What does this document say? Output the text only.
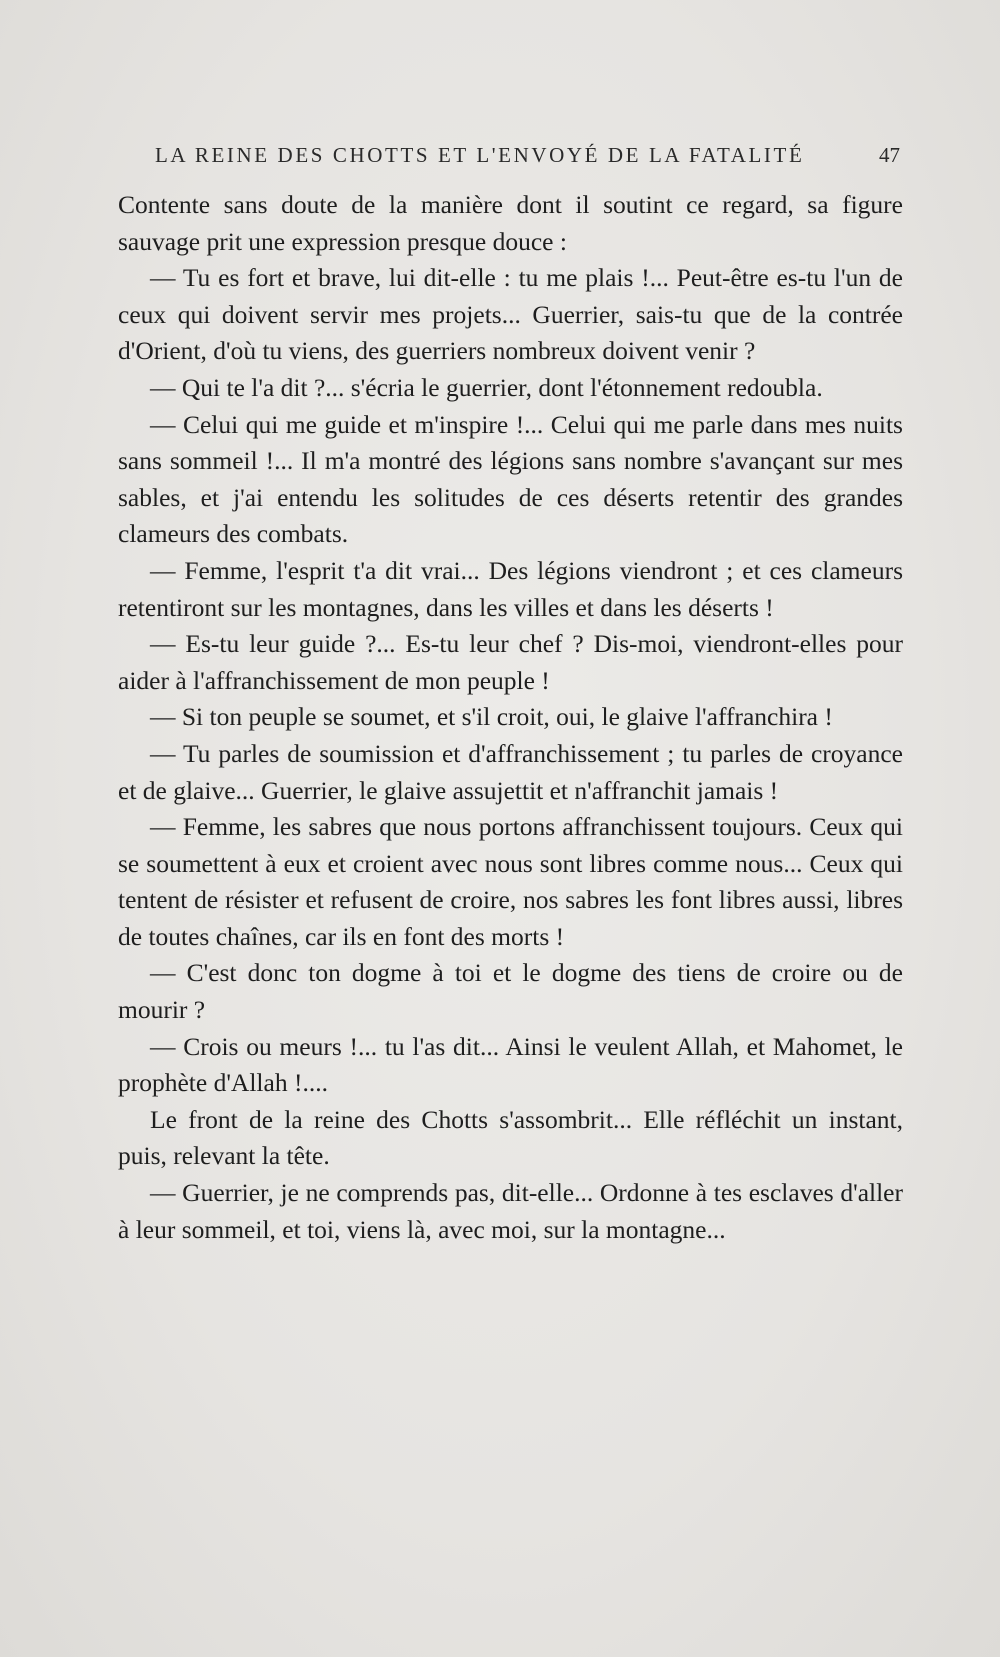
LA REINE DES CHOTTS ET L'ENVOYÉ DE LA FATALITÉ	47

Contente sans doute de la manière dont il soutint ce regard, sa figure sauvage prit une expression presque douce :

— Tu es fort et brave, lui dit-elle : tu me plais !... Peut-être es-tu l'un de ceux qui doivent servir mes projets... Guerrier, sais-tu que de la contrée d'Orient, d'où tu viens, des guerriers nombreux doivent venir ?

— Qui te l'a dit ?... s'écria le guerrier, dont l'étonnement redoubla.

— Celui qui me guide et m'inspire !... Celui qui me parle dans mes nuits sans sommeil !... Il m'a montré des légions sans nombre s'avançant sur mes sables, et j'ai entendu les solitudes de ces déserts retentir des grandes clameurs des combats.

— Femme, l'esprit t'a dit vrai... Des légions viendront ; et ces clameurs retentiront sur les montagnes, dans les villes et dans les déserts !

— Es-tu leur guide ?... Es-tu leur chef ? Dis-moi, viendront-elles pour aider à l'affranchissement de mon peuple !

— Si ton peuple se soumet, et s'il croit, oui, le glaive l'affranchira !

— Tu parles de soumission et d'affranchissement ; tu parles de croyance et de glaive... Guerrier, le glaive assujettit et n'affranchit jamais !

— Femme, les sabres que nous portons affranchissent toujours. Ceux qui se soumettent à eux et croient avec nous sont libres comme nous... Ceux qui tentent de résister et refusent de croire, nos sabres les font libres aussi, libres de toutes chaînes, car ils en font des morts !

— C'est donc ton dogme à toi et le dogme des tiens de croire ou de mourir ?

— Crois ou meurs !... tu l'as dit... Ainsi le veulent Allah, et Mahomet, le prophète d'Allah !....

Le front de la reine des Chotts s'assombrit... Elle réfléchit un instant, puis, relevant la tête.

— Guerrier, je ne comprends pas, dit-elle... Ordonne à tes esclaves d'aller à leur sommeil, et toi, viens là, avec moi, sur la montagne...
